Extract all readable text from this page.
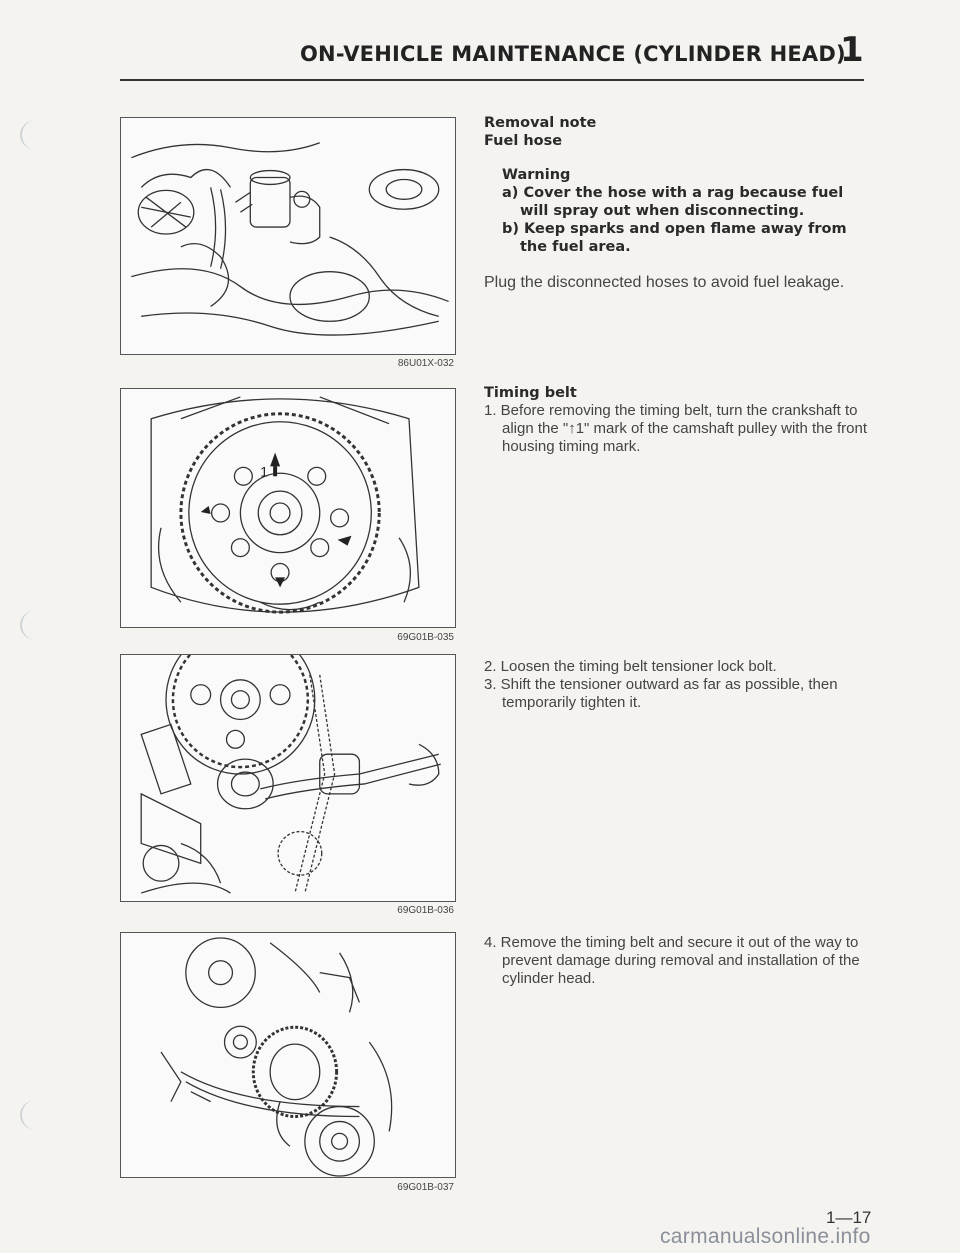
ON-VEHICLE MAINTENANCE (CYLINDER HEAD)
1
86U01X-032
1
69G01B-035
69G01B-036
69G01B-037

Removal note

Fuel hose

Warning

a) Cover the hose with a rag because fuel will spray out when disconnecting.

b) Keep sparks and open flame away from the fuel area.

Plug the disconnected hoses to avoid fuel leakage.

Timing belt

1. Before removing the timing belt, turn the crankshaft to align the "↑1" mark of the camshaft pulley with the front housing timing mark.

2. Loosen the timing belt tensioner lock bolt.

3. Shift the tensioner outward as far as possible, then temporarily tighten it.

4. Remove the timing belt and secure it out of the way to prevent damage during removal and installation of the cylinder head.

1—17
carmanualsonline.info
